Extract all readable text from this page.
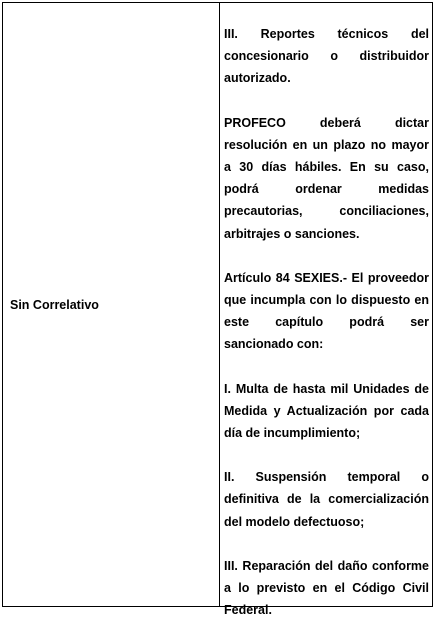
Sin Correlativo

III. Reportes técnicos del concesionario o distribuidor autorizado.

PROFECO deberá dictar resolución en un plazo no mayor a 30 días hábiles. En su caso, podrá ordenar medidas precautorias, conciliaciones, arbitrajes o sanciones.

Artículo 84 SEXIES.- El proveedor que incumpla con lo dispuesto en este capítulo podrá ser sancionado con:

I. Multa de hasta mil Unidades de Medida y Actualización por cada día de incumplimiento;

II. Suspensión temporal o definitiva de la comercialización del modelo defectuoso;

III. Reparación del daño conforme a lo previsto en el Código Civil Federal.
